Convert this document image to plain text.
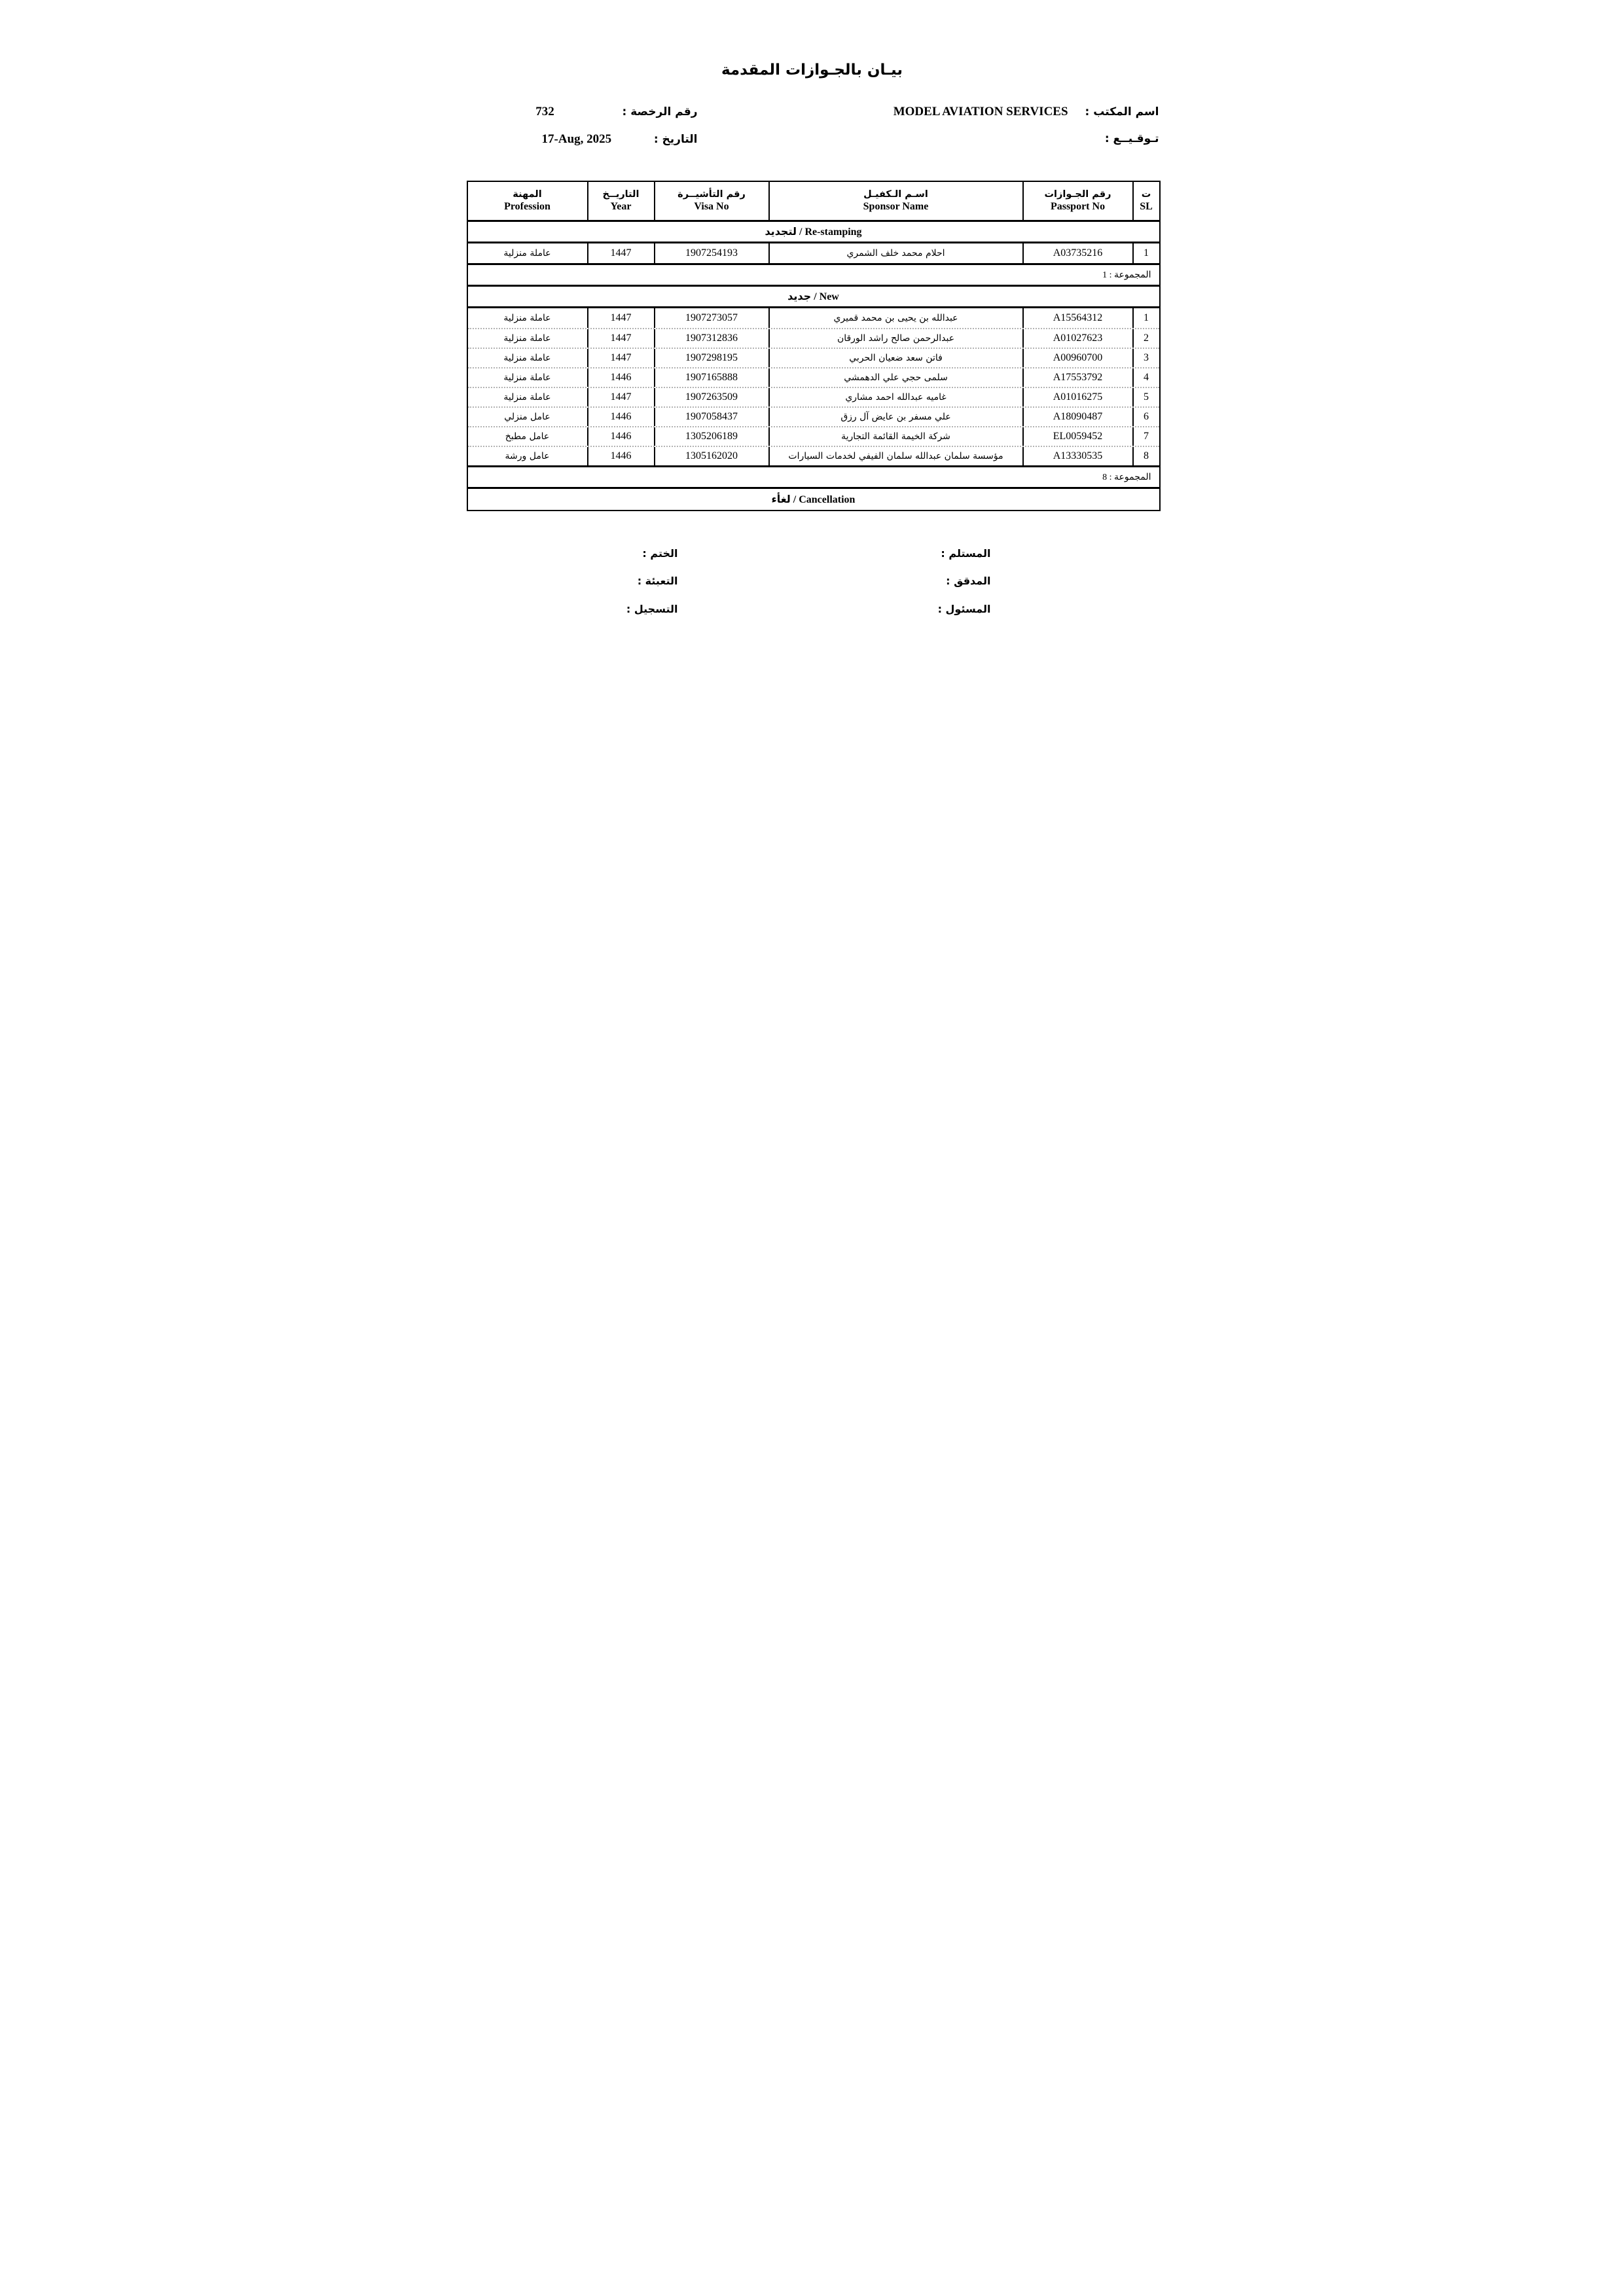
بيـان بالجـوازات المقدمة
اسم المكتب :
MODEL AVIATION SERVICES
رقم الرخصة :
732
تـوقـيــع :
التاريخ :
17-Aug, 2025
ت
SL
رقم الجـوازات
Passport No
اسـم الـكفيـل
Sponsor Name
رقم التأشيــرة
Visa No
التاريــخ
Year
المهنة
Profession
لتجديد / Re-stamping
1
A03735216
احلام محمد خلف الشمري
1907254193
1447
عاملة منزلية
المجموعة : 1
جديد / New
1
A15564312
عبدالله بن يحيى بن محمد قميري
1907273057
1447
عاملة منزلية
2
A01027623
عبدالرحمن صالح راشد الورقان
1907312836
1447
عاملة منزلية
3
A00960700
فاتن سعد ضعيان الحربي
1907298195
1447
عاملة منزلية
4
A17553792
سلمى حجي علي الدهمشي
1907165888
1446
عاملة منزلية
5
A01016275
غاميه عبدالله احمد مشاري
1907263509
1447
عاملة منزلية
6
A18090487
علي مسفر بن عايض آل رزق
1907058437
1446
عامل منزلي
7
EL0059452
شركة الخيمة القائمة التجارية
1305206189
1446
عامل مطبخ
8
A13330535
مؤسسة سلمان عبدالله سلمان الفيفي لخدمات السيارات
1305162020
1446
عامل ورشة
المجموعة : 8
لغأء / Cancellation
المستلم :
المدقق :
المسئول :
الختم :
التعبئة :
التسجيل :
